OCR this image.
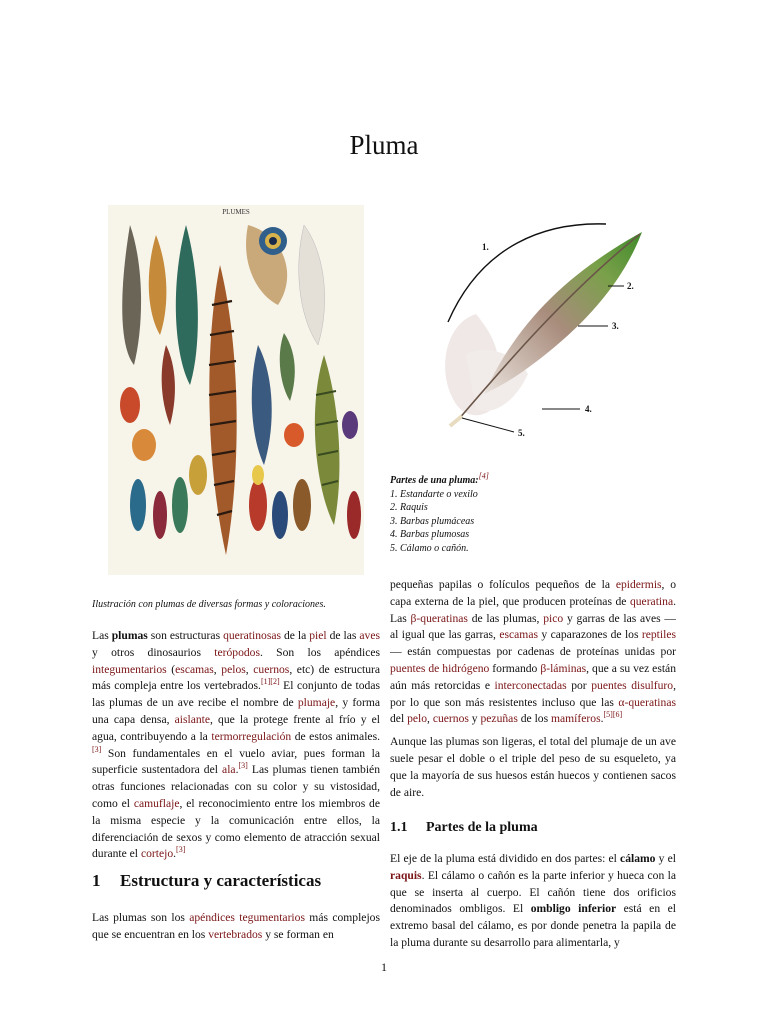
Pluma
PLUMES
Ilustración con plumas de diversas formas y coloraciones.
1.
2.
3.
4.
5.
Partes de una pluma:[4]
1. Estandarte o vexilo
2. Raquis
3. Barbas plumáceas
4. Barbas plumosas
5. Cálamo o cañón.

Las plumas son estructuras queratinosas de la piel de las aves y otros dinosaurios terópodos. Son los apéndices integumentarios (escamas, pelos, cuernos, etc) de estructura más compleja entre los vertebrados.[1][2] El conjunto de todas las plumas de un ave recibe el nombre de plumaje, y forma una capa densa, aislante, que la protege frente al frío y el agua, contribuyendo a la termorregulación de estos animales.[3] Son fundamentales en el vuelo aviar, pues forman la superficie sustentadora del ala.[3] Las plumas tienen también otras funciones relacionadas con su color y su vistosidad, como el camuflaje, el reconocimiento entre los miembros de la misma especie y la comunicación entre ellos, la diferenciación de sexos y como elemento de atracción sexual durante el cortejo.[3]

1 Estructura y características

Las plumas son los apéndices tegumentarios más complejos que se encuentran en los vertebrados y se forman en

pequeñas papilas o folículos pequeños de la epidermis, o capa externa de la piel, que producen proteínas de queratina. Las β-queratinas de las plumas, pico y garras de las aves — al igual que las garras, escamas y caparazones de los reptiles — están compuestas por cadenas de proteínas unidas por puentes de hidrógeno formando β-láminas, que a su vez están aún más retorcidas e interconectadas por puentes disulfuro, por lo que son más resistentes incluso que las α-queratinas del pelo, cuernos y pezuñas de los mamíferos.[5][6]

Aunque las plumas son ligeras, el total del plumaje de un ave suele pesar el doble o el triple del peso de su esqueleto, ya que la mayoría de sus huesos están huecos y contienen sacos de aire.

1.1 Partes de la pluma

El eje de la pluma está dividido en dos partes: el cálamo y el raquis. El cálamo o cañón es la parte inferior y hueca con la que se inserta al cuerpo. El cañón tiene dos orificios denominados ombligos. El ombligo inferior está en el extremo basal del cálamo, es por donde penetra la papila de la pluma durante su desarrollo para alimentarla, y

1
